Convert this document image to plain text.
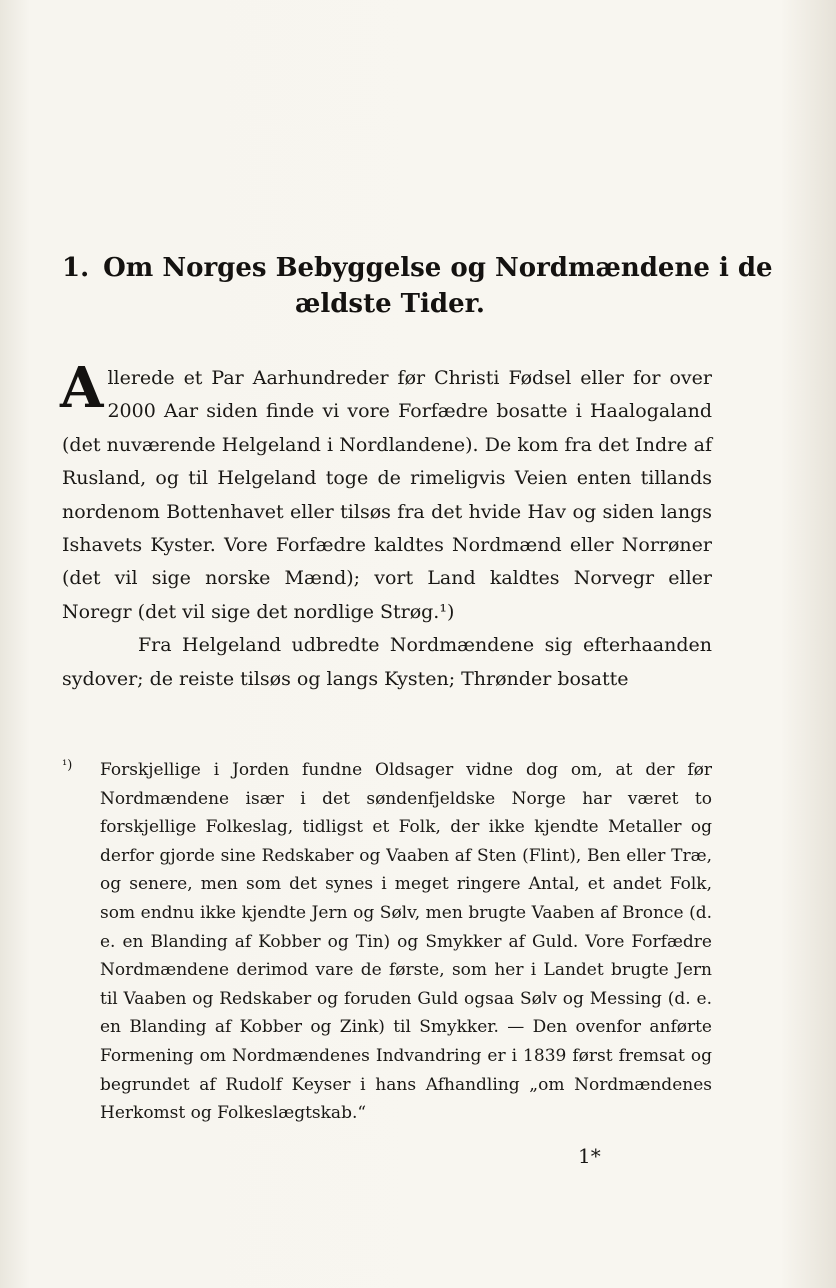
1. Om Norges Bebyggelse og Nordmændene i de
ældste Tider.

Allerede et Par Aarhundreder før Christi Fødsel eller for over 2000 Aar siden finde vi vore Forfædre bosatte i Haalogaland (det nuværende Helgeland i Nordlandene). De kom fra det Indre af Rusland, og til Helgeland toge de rimeligvis Veien enten tillands nordenom Bottenhavet eller tilsøs fra det hvide Hav og siden langs Ishavets Kyster. Vore Forfædre kaldtes Nordmænd eller Norrøner (det vil sige norske Mænd); vort Land kaldtes Norvegr eller Noregr (det vil sige det nordlige Strøg.¹)

Fra Helgeland udbredte Nordmændene sig efterhaanden sydover; de reiste tilsøs og langs Kysten; Thrønder bosatte

¹) Forskjellige i Jorden fundne Oldsager vidne dog om, at der før Nordmændene især i det søndenfjeldske Norge har været to forskjellige Folkeslag, tidligst et Folk, der ikke kjendte Metaller og derfor gjorde sine Redskaber og Vaaben af Sten (Flint), Ben eller Træ, og senere, men som det synes i meget ringere Antal, et andet Folk, som endnu ikke kjendte Jern og Sølv, men brugte Vaaben af Bronce (d. e. en Blanding af Kobber og Tin) og Smykker af Guld. Vore Forfædre Nordmændene derimod vare de første, som her i Landet brugte Jern til Vaaben og Redskaber og foruden Guld ogsaa Sølv og Messing (d. e. en Blanding af Kobber og Zink) til Smykker. — Den ovenfor anførte Formening om Nordmændenes Indvandring er i 1839 først fremsat og begrundet af Rudolf Keyser i hans Afhandling „om Nordmændenes Herkomst og Folkeslægtskab.“
1*
